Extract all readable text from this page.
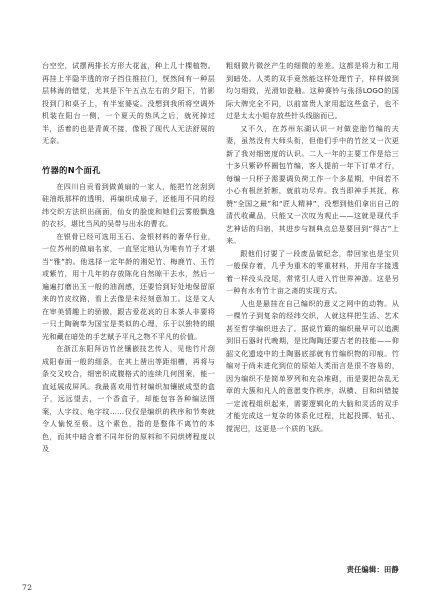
台空空，试摆两排长方形大花盆，种上几十棵植物。再挂上半隐半透的帘子挡住推拉门，恍然间有一种层层林海的错觉，尤其是下午五点左右的夕阳下，竹影投到门和桌子上，有半室婆娑。没想到我所将空调外机装在阳台一侧，一个夏天的热风之后，就死掉过半，活着的也是青黄不接，像极了现代人无法舒展的无奈。

竹器的N个面孔

在四川自贡看到做黄扇的一家人，能把竹丝刮到硅油纸那样的透明，再编织成扇子，还能用不同的经纬交织方法织出画面，仙女的脸庞和她们云雾般飘逸的衣衫，堪比当风的吴带与出水的曹衣。

在银骨已经可选用玉石、金银材料的奢华行业，一位苏州的做扇名家，一直坚定地认为唯有竹子才堪当“雅”韵。他选择一定年龄的湘妃竹、梅鹿竹、玉竹或紫竹，用十几年的存放陈化自然晾干去水，然后一遍遍打磨出玉一般的油润感，还要恰到好处地保留原来的竹皮纹路，看上去像是未经刻意加工。这是文人在审美情趣上的骄傲，跟吉爱花哀的日本茶人非要将一只土陶碗奉为国宝是类似的心理，乐于以独特的眼光和藏在暗处的手艺赋予平凡之物不平凡的价值。

在浙江东阳拜访竹丝镶嵌技艺传人，见他竹片刮成阳春面一般的细条，在其上凿出等距细槽，再将与条交叉咬合，细密织成腹格式的连续几何图案，能一直延展成屏风。我最喜欢用竹材编织加镶嵌成型的盒子，远远望去，一个香盒子，却能包容各种编法图案，人字纹、龟字纹……仅仅是编织的秩序和节奏就令人愉悦至极。这个素色，指的是整体不离竹的本色，而其中暗含着不同年份的原料和不同烘烤程度以及

粗细微片微丝产生的细微的差差。这都是将力和工用到暗处。人类的双手竟然能这样处理竹子，样样做到均匀细致，光滑如瓷釉。这种赛铃与张扬LOGO的国际大牌完全不同，以前富贵人家用起这些盒子，也不过是太太小姐存放些针头线脑而已。

又不久，在苏州东湖认识一对做瓷胎竹编的夫妻，虽然没有大师头衔，但他们手中的竹丝又一次更新了我对细密度的认识。二人一年的主要工作是给三十多只紫砂杯圈包竹编，客人提前一年下订单才行，每编一只杯子需要调负荷工作一个多星期，中间若不小心有根丝折断，就前功尽弃。我当即神手其抚，称赞“全国之最”和“匠人精神”，没想到他们拿出自己的清代收藏品，只能又一次叹为观止——这就是现代手艺神话的归宿，其进步与制典点总是要回到“得古”上来。

跟他们讨要了一段废品做纪念，带回家也是宝贝一般保存着，几乎为重木的零重材料，并用存字接透着一样没头没尾，常常引人进入竹世界神游。这是另一种有水有竹十亩之斋的实现方式。

人也是悬挂在自己编织的意义之网中的动物。从一棵竹子到复杂的经纬交织，人就这样把生活、艺术甚至哲学编织进去了。据说竹簸的编织最早可以追溯到旧石器时代晚期，是比陶陶还要古老的技能——仰韶文化遗迹中的土陶器底部就有竹编织物的印痕。竹编对于尚未进化到位的原始人类而言是很不容易的，因为编织不是简单罗列和充杂堆砌，而是要把杂乱无章的大簇和凡人的意愿变作秩序，纵横、目和纠错接一定流程组织起来，需要逻辑化的大脑和灵活的双手才能完成这一复杂的体系化过程，比起投掷、钻孔、搅泥巴，这更是一个质的飞跃。

责任编辑：田静
72
